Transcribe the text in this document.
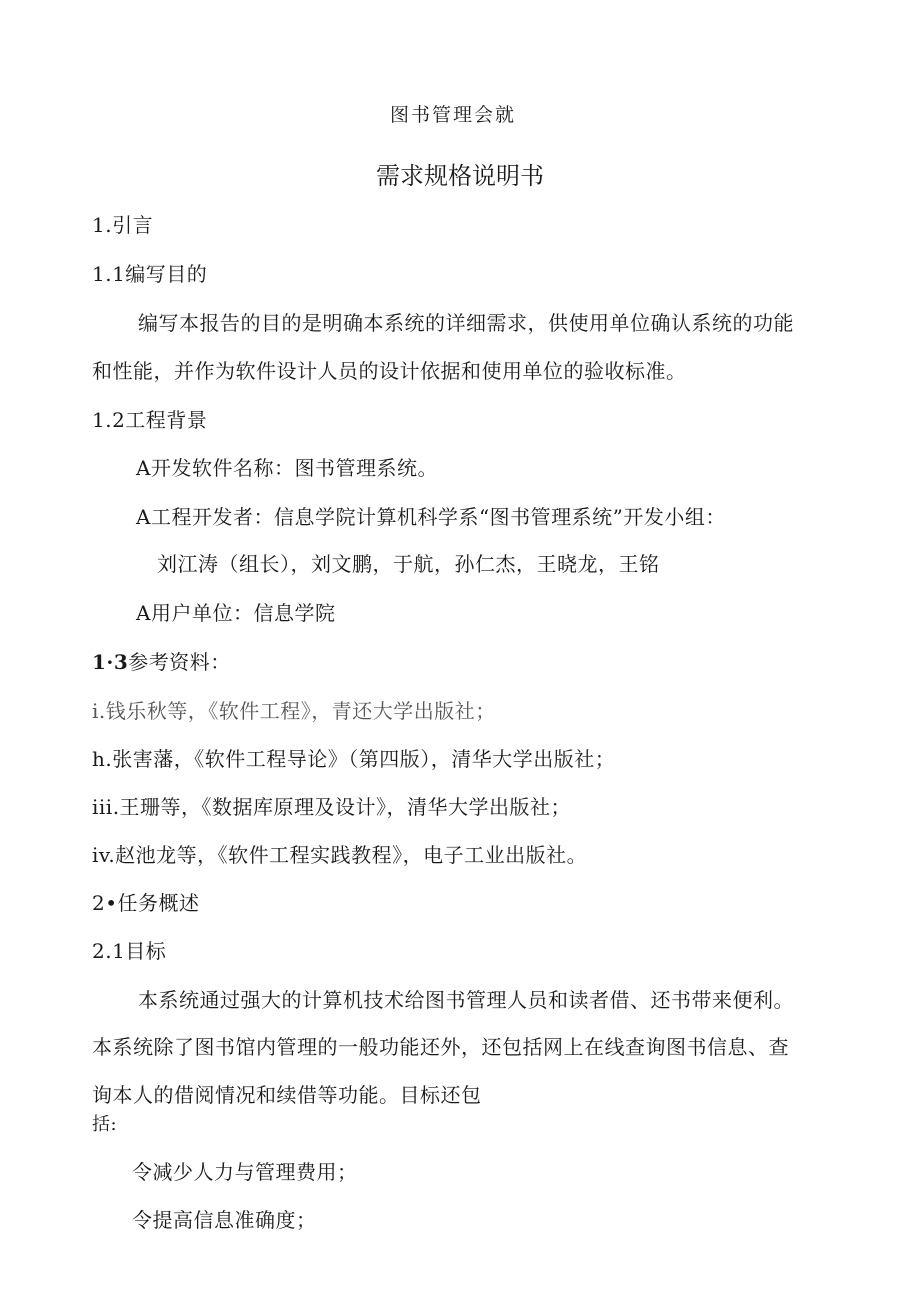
图书管理会就
需求规格说明书
1.引言
1.1编写目的
编写本报告的目的是明确本系统的详细需求，供使用单位确认系统的功能
和性能，并作为软件设计人员的设计依据和使用单位的验收标准。
1.2工程背景
A开发软件名称：图书管理系统。
A工程开发者：信息学院计算机科学系“图书管理系统”开发小组：
刘江涛（组长），刘文鹏，于航，孙仁杰，王晓龙，王铭
A用户单位：信息学院
1·3参考资料：
i.钱乐秋等，《软件工程》，青还大学出版社；
h.张害藩，《软件工程导论》（第四版），清华大学出版社；
iii.王珊等，《数据库原理及设计》，清华大学出版社；
iv.赵池龙等，《软件工程实践教程》，电子工业出版社。
2•任务概述
2.1目标
本系统通过强大的计算机技术给图书管理人员和读者借、还书带来便利。
本系统除了图书馆内管理的一般功能还外，还包括网上在线查询图书信息、查
询本人的借阅情况和续借等功能。目标还包
括:
令减少人力与管理费用；
令提高信息准确度；
